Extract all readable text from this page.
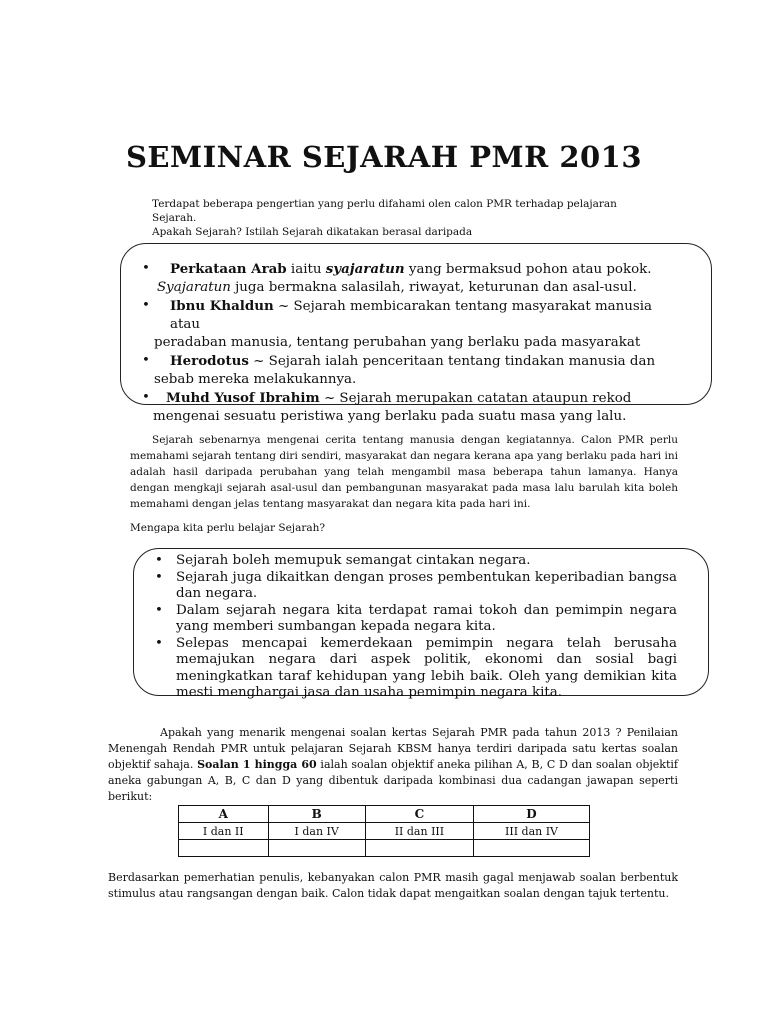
SEMINAR SEJARAH PMR 2013
Terdapat beberapa pengertian yang perlu difahami olen calon PMR terhadap pelajaran Sejarah.
Apakah Sejarah? Istilah Sejarah dikatakan berasal daripada
• Perkataan Arab iaitu syajaratun yang bermaksud pohon atau pokok.
Syajaratun juga bermakna salasilah, riwayat, keturunan dan asal-usul.
• Ibnu Khaldun ~ Sejarah membicarakan tentang masyarakat manusia atau
peradaban manusia, tentang perubahan yang berlaku pada masyarakat
• Herodotus ~ Sejarah ialah penceritaan tentang tindakan manusia dan
sebab mereka melakukannya.
• Muhd Yusof Ibrahim ~ Sejarah merupakan catatan ataupun rekod
mengenai sesuatu peristiwa yang berlaku pada suatu masa yang lalu.
Sejarah sebenarnya mengenai cerita tentang manusia dengan kegiatannya. Calon PMR perlu memahami sejarah tentang diri sendiri, masyarakat dan negara kerana apa yang berlaku pada hari ini adalah hasil daripada perubahan yang telah mengambil masa beberapa tahun lamanya. Hanya dengan mengkaji sejarah asal-usul dan pembangunan masyarakat pada masa lalu barulah kita boleh memahami dengan jelas tentang masyarakat dan negara kita pada hari ini.
Mengapa kita perlu belajar Sejarah?
• Sejarah boleh memupuk semangat cintakan negara.
• Sejarah juga dikaitkan dengan proses pembentukan keperibadian bangsa dan negara.
• Dalam sejarah negara kita terdapat ramai tokoh dan pemimpin negara yang memberi sumbangan kepada negara kita.
• Selepas mencapai kemerdekaan pemimpin negara telah berusaha memajukan negara dari aspek politik, ekonomi dan sosial bagi meningkatkan taraf kehidupan yang lebih baik. Oleh yang demikian kita mesti menghargai jasa dan usaha pemimpin negara kita.
Apakah yang menarik mengenai soalan kertas Sejarah PMR pada tahun 2013 ? Penilaian Menengah Rendah PMR untuk pelajaran Sejarah KBSM hanya terdiri daripada satu kertas soalan objektif sahaja. Soalan 1 hingga 60 ialah soalan objektif aneka pilihan A, B, C D dan soalan objektif aneka gabungan A, B, C dan D yang dibentuk daripada kombinasi dua cadangan jawapan seperti berikut:
A	B	C	D
I dan II	I dan IV	II dan III	III dan IV

Berdasarkan pemerhatian penulis, kebanyakan calon PMR masih gagal menjawab soalan berbentuk stimulus atau rangsangan dengan baik. Calon tidak dapat mengaitkan soalan dengan tajuk tertentu.
